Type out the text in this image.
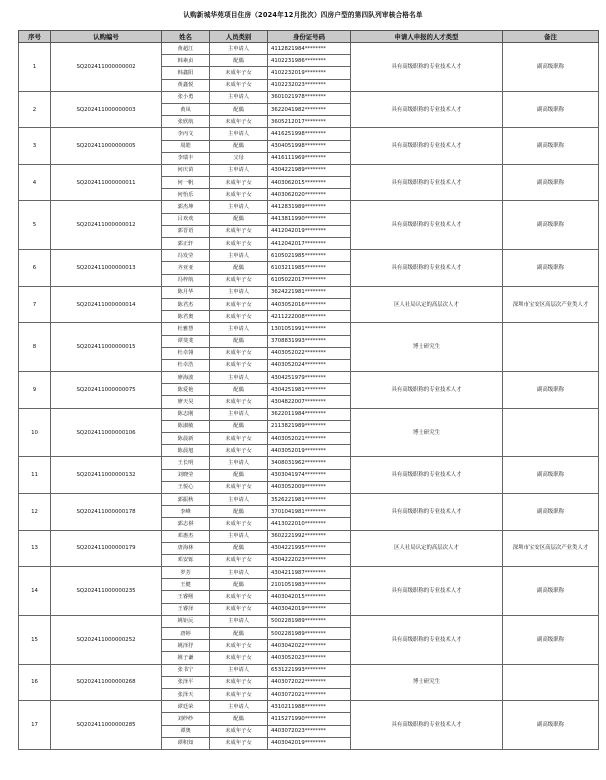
认购新城华苑项目住房（2024年12月批次）四房户型的第四队列审核合格名单
序号	认购编号	姓名	人员类别	身份证号码	申请人申报的人才类型	备注
1	SQ202411000000002	黄超江	主申请人	4112821984********	具有高级职称的专业技术人才	副高级职称
		韩素贞	配偶	4102231986********		
		韩鑫阳	未成年子女	4102232019********		
		黄鑫悦	未成年子女	4102232023********		
2	SQ202411000000003	张小勇	主申请人	3601021978********	具有高级职称的专业技术人才	副高级职称
		黄凤	配偶	3622041982********		
		张欣航	未成年子女	3605212017********		
3	SQ202411000000005	李丙文	主申请人	4416251998********	具有高级职称的专业技术人才	副高级职称
		周皓	配偶	4304051998********		
		李瑞丰	父母	4416111969********		
4	SQ202411000000011	何庆苗	主申请人	4304221989********	具有高级职称的专业技术人才	副高级职称
		何一帆	未成年子女	4403062015********		
		何怡乐	未成年子女	4403062020********		
5	SQ202411000000012	郭杰坤	主申请人	4412831989********	具有高级职称的专业技术人才	副高级职称
		吕欢欢	配偶	4413811990********		
		郭晋语	未成年子女	4412042019********		
		郭正轩	未成年子女	4412042017********		
6	SQ202411000000013	冯发莹	主申请人	6105021985********	具有高级职称的专业技术人才	副高级职称
		齐亚亚	配偶	6103211985********		
		冯梓航	未成年子女	6105022017********		
7	SQ202411000000014	陈月华	主申请人	3624221981********	区人社局认定的高层次人才	深圳市宝安区高层次产业类人才
		陈君杰	未成年子女	4403052016********		
		陈君奥	未成年子女	4211222008********		
8	SQ202411000000015	杜雅慧	主申请人	1301051991********	博士研究生	
		谭斐斐	配偶	3708831993********		
		杜卓翎	未成年子女	4403052022********		
		杜卓浩	未成年子女	4403052024********		
9	SQ202411000000075	廖海波	主申请人	4304251979********	具有高级职称的专业技术人才	副高级职称
		陈爱艳	配偶	4304251981********		
		廖天昊	未成年子女	4304822007********		
10	SQ202411000000106	陈志刚	主申请人	3622011984********	博士研究生	
		陈淑敏	配偶	2113821989********		
		陈晨新	未成年子女	4403052021********		
		陈晨旭	未成年子女	4403052019********		
11	SQ202411000000132	王长明	主申请人	3408031962********	具有高级职称的专业技术人才	副高级职称
		刘晓莹	配偶	4303041974********		
		王悦心	未成年子女	4403052009********		
12	SQ202411000000178	郭振秋	主申请人	3526221981********	具有高级职称的专业技术人才	副高级职称
		李峰	配偶	3701041981********		
		郭志祺	未成年子女	4413022010********		
13	SQ202411000000179	邓惠杰	主申请人	3602221992********	区人社局认定的高层次人才	深圳市宝安区高层次产业类人才
		唐海林	配偶	4304221995********		
		邓安铄	未成年子女	4304222023********		
14	SQ202411000000235	罗芳	主申请人	4304211987********	具有高级职称的专业技术人才	副高级职称
		王健	配偶	2101051983********		
		王睿熙	未成年子女	4403042015********		
		王睿泽	未成年子女	4403042019********		
15	SQ202411000000252	姚钜沅	主申请人	5002281989********	具有高级职称的专业技术人才	副高级职称
		唐婷	配偶	5002281989********		
		姚泽抒	未成年子女	4403042022********		
		姚子谦	未成年子女	4403052023********		
16	SQ202411000000268	张书宁	主申请人	6531221993********	博士研究生	
		张泽平	未成年子女	4403072022********		
		张泽天	未成年子女	4403072021********		
17	SQ202411000000285	谭廷荣	主申请人	4310211988********	具有高级职称的专业技术人才	副高级职称
		刘纱纱	配偶	4115271990********		
		谭奥	未成年子女	4403072023********		
		谭积知	未成年子女	4403042019********		
